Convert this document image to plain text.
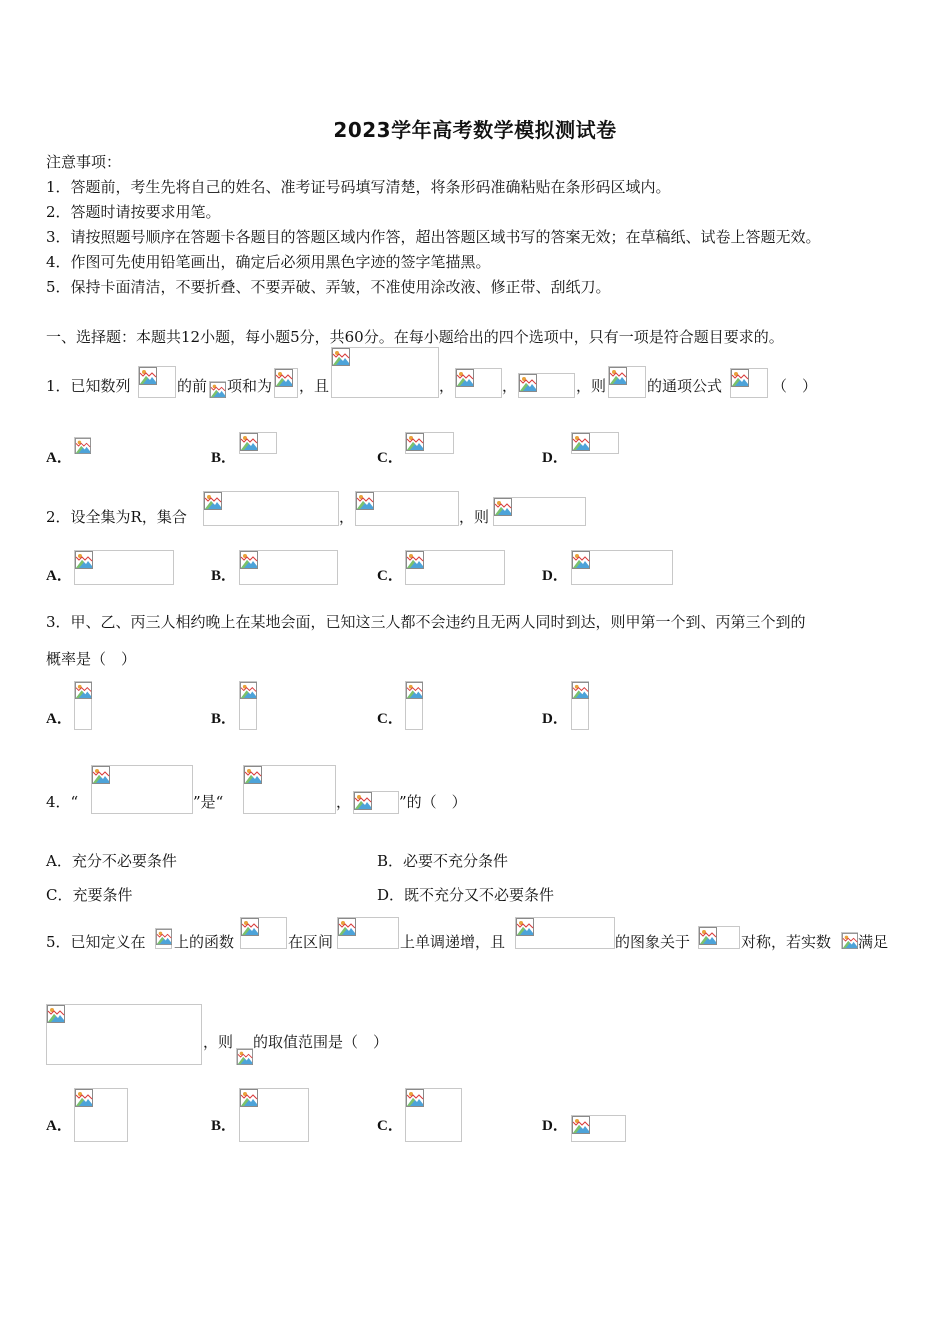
2023学年高考数学模拟测试卷
注意事项：
1．答题前，考生先将自己的姓名、准考证号码填写清楚，将条形码准确粘贴在条形码区域内。
2．答题时请按要求用笔。
3．请按照题号顺序在答题卡各题目的答题区域内作答，超出答题区域书写的答案无效；在草稿纸、试卷上答题无效。
4．作图可先使用铅笔画出，确定后必须用黑色字迹的签字笔描黑。
5．保持卡面清洁，不要折叠、不要弄破、弄皱，不准使用涂改液、修正带、刮纸刀。
一、选择题：本题共12小题，每小题5分，共60分。在每小题给出的四个选项中，只有一项是符合题目要求的。
1．已知数列	的前 项和为 ，且	，	，	，则	的通项公式	（　）
A．	B．	C．	D．
2．设全集为R，集合	，	，则
A．	B．	C．	D．
3．甲、乙、丙三人相约晚上在某地会面，已知这三人都不会违约且无两人同时到达，则甲第一个到、丙第三个到的
概率是（　）
A．	B．	C．	D．
4．“	”是“	，	”的（　）
A．充分不必要条件	B．必要不充分条件
C．充要条件	D．既不充分又不必要条件
5．已知定义在 上的函数	在区间	上单调递增，且	的图象关于	对称，若实数 满足
，则 的取值范围是（　）
A．	B．	C．	D．
